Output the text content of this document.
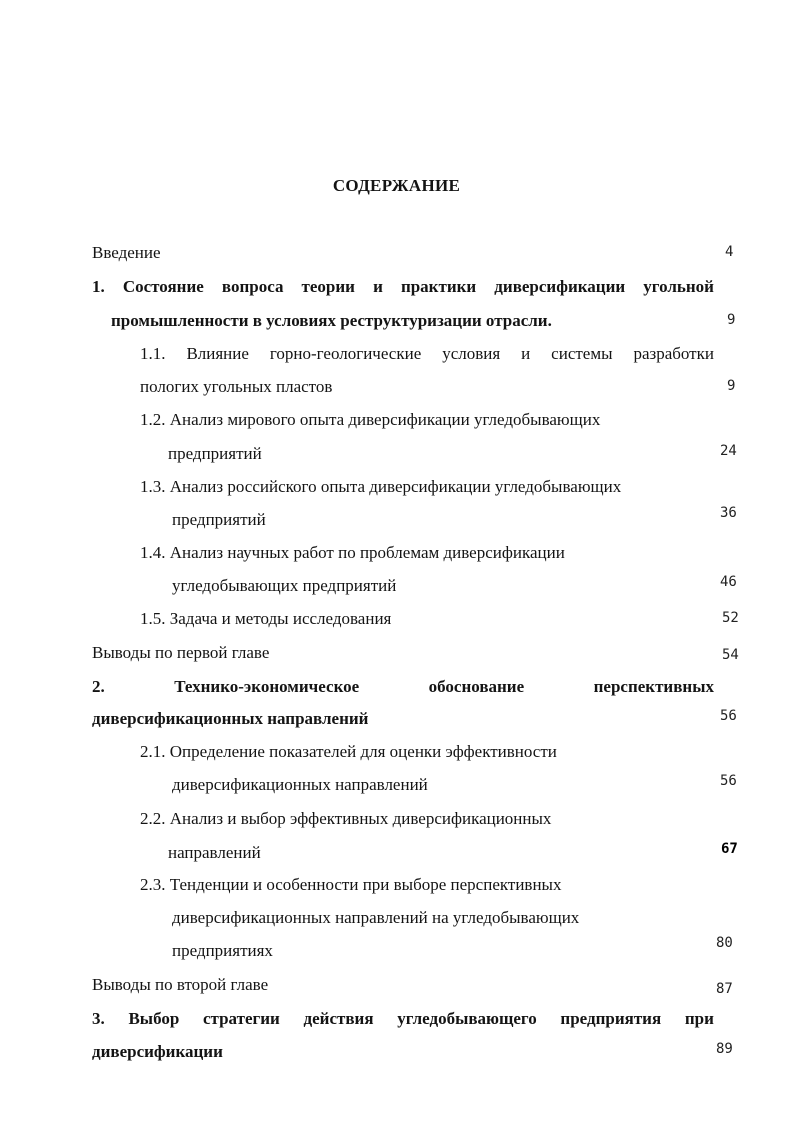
СОДЕРЖАНИЕ
Введение	4
1. Состояние вопроса теории и практики диверсификации угольной
промышленности в условиях реструктуризации отрасли.	9
1.1. Влияние горно-геологические условия и системы разработки
пологих угольных пластов	9
1.2. Анализ мирового опыта диверсификации угледобывающих
предприятий	24
1.3. Анализ российского опыта диверсификации угледобывающих
предприятий	36
1.4. Анализ научных работ по проблемам диверсификации
угледобывающих предприятий	46
1.5. Задача и методы исследования	52
Выводы по первой главе	54
2.	Технико-экономическое	обоснование	перспективных
диверсификационных направлений	56
2.1. Определение показателей для оценки эффективности
диверсификационных направлений	56
2.2. Анализ и выбор эффективных диверсификационных
направлений	67
2.3. Тенденции и особенности при выборе перспективных
диверсификационных направлений на угледобывающих
предприятиях	80
Выводы по второй главе	87
3. Выбор стратегии действия угледобывающего предприятия при
диверсификации	89
